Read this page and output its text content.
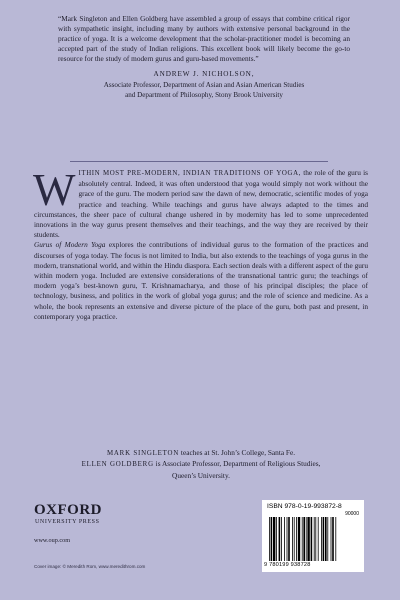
“Mark Singleton and Ellen Goldberg have assembled a group of essays that combine critical rigor with sympathetic insight, including many by authors with extensive personal background in the practice of yoga. It is a welcome development that the scholar-practitioner model is becoming an accepted part of the study of Indian religions. This excellent book will likely become the go-to resource for the study of modern gurus and guru-based movements.”

ANDREW J. NICHOLSON,
Associate Professor, Department of Asian and Asian American Studies
and Department of Philosophy, Stony Brook University

WITHIN MOST PRE-MODERN, INDIAN TRADITIONS OF YOGA, the role of the guru is absolutely central. Indeed, it was often understood that yoga would simply not work without the grace of the guru. The modern period saw the dawn of new, democratic, scientific modes of yoga practice and teaching. While teachings and gurus have always adapted to the times and circumstances, the sheer pace of cultural change ushered in by modernity has led to some unprecedented innovations in the way gurus present themselves and their teachings, and the way they are received by their students.

Gurus of Modern Yoga explores the contributions of individual gurus to the formation of the practices and discourses of yoga today. The focus is not limited to India, but also extends to the teachings of yoga gurus in the modern, transnational world, and within the Hindu diaspora. Each section deals with a different aspect of the guru within modern yoga. Included are extensive considerations of the transnational tantric guru; the teachings of modern yoga’s best-known guru, T. Krishnamacharya, and those of his principal disciples; the place of technology, business, and politics in the work of global yoga gurus; and the role of science and medicine. As a whole, the book represents an extensive and diverse picture of the place of the guru, both past and present, in contemporary yoga practice.

MARK SINGLETON teaches at St. John’s College, Santa Fe.
ELLEN GOLDBERG is Associate Professor, Department of Religious Studies,
Queen’s University.
OXFORD
UNIVERSITY PRESS
www.oup.com
Cover image: © Meredith Rom, www.meredithrom.com
ISBN 978-0-19-993872-8
90000
9 780199 938728
